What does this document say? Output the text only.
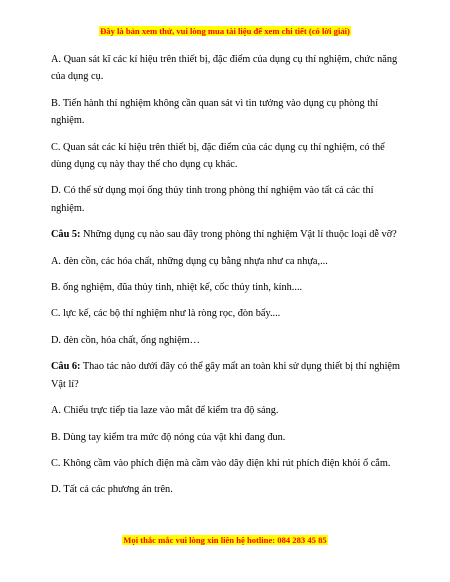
Đây là bản xem thử, vui lòng mua tài liệu để xem chi tiết (có lời giải)

A. Quan sát kĩ các kí hiệu trên thiết bị, đặc điểm của dụng cụ thí nghiệm, chức năng của dụng cụ.

B. Tiến hành thí nghiệm không cần quan sát vì tin tưởng vào dụng cụ phòng thí nghiệm.

C. Quan sát các kí hiệu trên thiết bị, đặc điểm của các dụng cụ thí nghiệm, có thể dùng dụng cụ này thay thế cho dụng cụ khác.

D. Có thể sử dụng mọi ống thủy tinh trong phòng thí nghiệm vào tất cả các thí nghiệm.

Câu 5: Những dụng cụ nào sau đây trong phòng thí nghiệm Vật lí thuộc loại dễ vỡ?

A. đèn cồn, các hóa chất, những dụng cụ bằng nhựa như ca nhựa,...

B. ống nghiệm, đũa thủy tinh, nhiệt kế, cốc thủy tinh, kính....

C. lực kế, các bộ thí nghiệm như là ròng rọc, đòn bẩy....

D. đèn cồn, hóa chất, ống nghiệm…

Câu 6: Thao tác nào dưới đây có thể gây mất an toàn khi sử dụng thiết bị thí nghiệm Vật lí?

A. Chiếu trực tiếp tia laze vào mắt để kiểm tra độ sáng.

B. Dùng tay kiểm tra mức độ nóng của vật khi đang đun.

C. Không cầm vào phích điện mà cầm vào dây điện khi rút phích điện khỏi ổ cắm.

D. Tất cả các phương án trên.

Mọi thắc mắc vui lòng xin liên hệ hotline: 084 283 45 85
